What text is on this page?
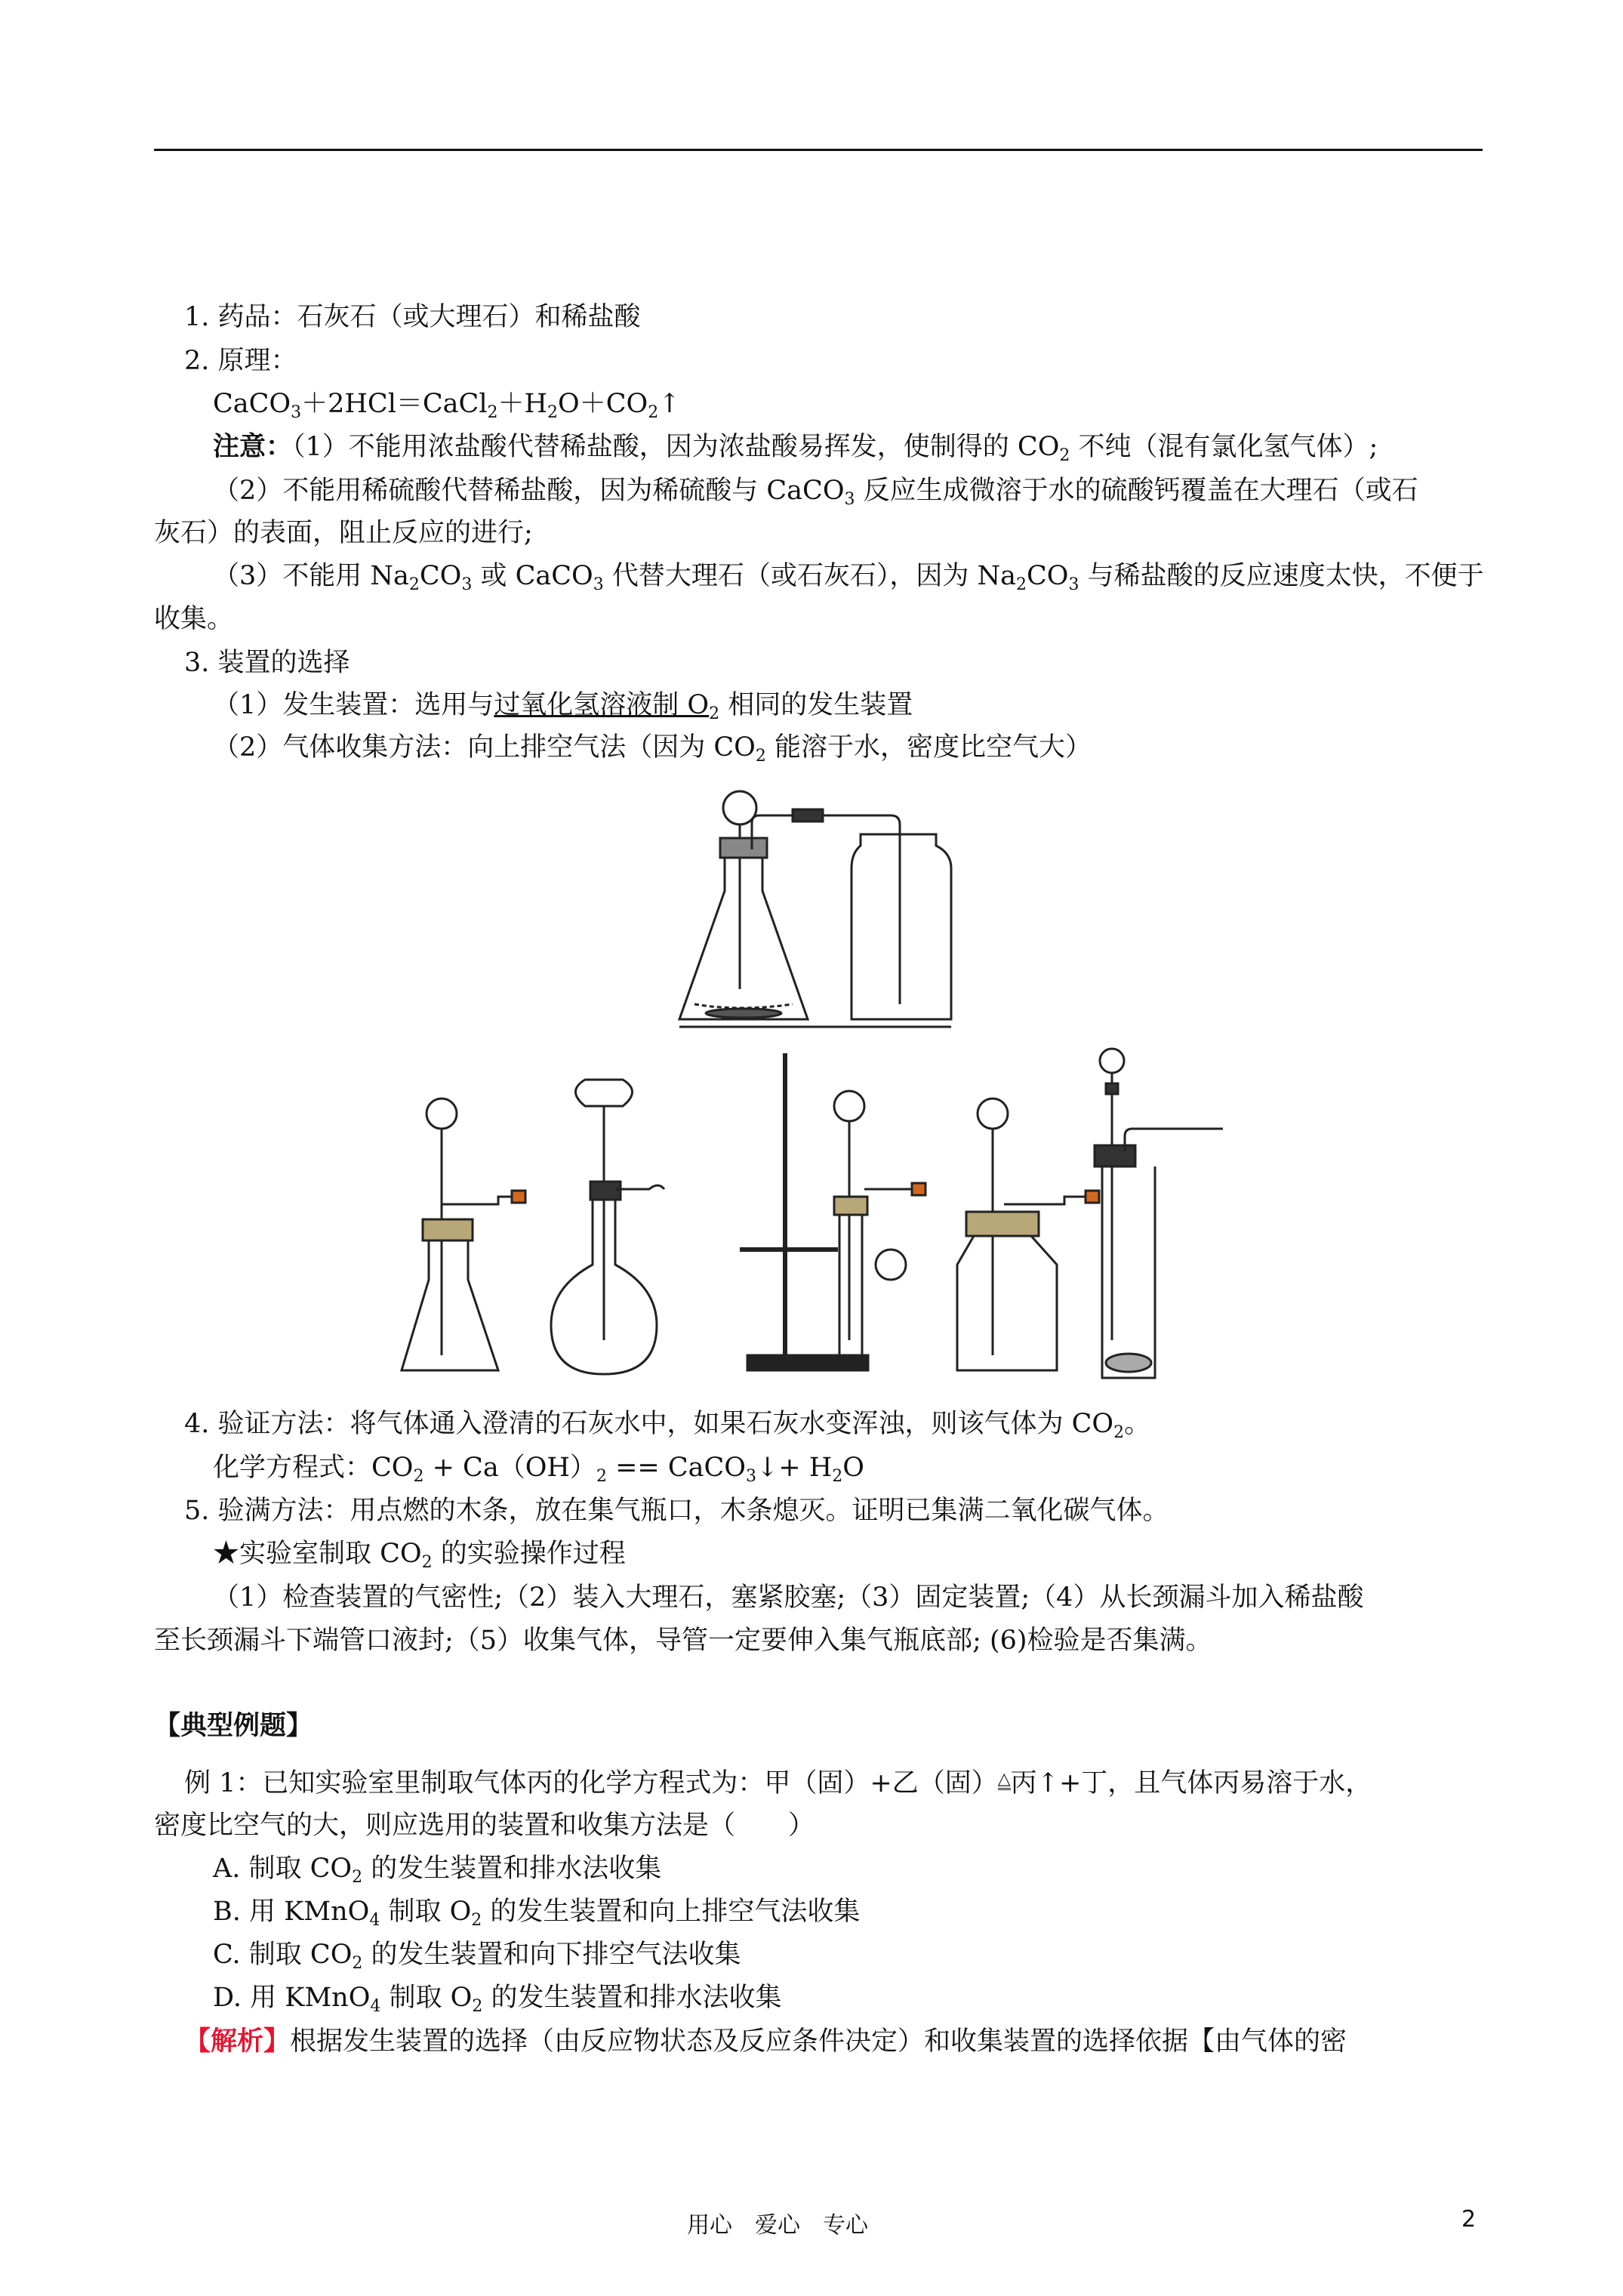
1. 药品：石灰石（或大理石）和稀盐酸
2. 原理：
$CaCO_3+2HCl=CaCl_2+H_2O+CO_2↑$
注意：（1）不能用浓盐酸代替稀盐酸，因为浓盐酸易挥发，使制得的 $CO_2$ 不纯（混有氯化氢气体）;
（2）不能用稀硫酸代替稀盐酸，因为稀硫酸与 CaCO$_3$ 反应生成微溶于水的硫酸钙覆盖在大理石（或石
灰石）的表面，阻止反应的进行;
（3）不能用 $Na_2CO_3$ 或 CaCO$_3$ 代替大理石（或石灰石），因为 $Na_2CO_3$ 与稀盐酸的反应速度太快，不便于
收集。
3. 装置的选择
（1）发生装置：选用与过氧化氢溶液制 $O_2$ 相同的发生装置
（2）气体收集方法：向上排空气法（因为 $CO_2$ 能溶于水，密度比空气大）
4. 验证方法：将气体通入澄清的石灰水中，如果石灰水变浑浊，则该气体为 $CO_2$。
化学方程式：$CO_2 + Ca(OH)_2$ == CaCO$_3$↓+ $H_2O$
5. 验满方法：用点燃的木条，放在集气瓶口，木条熄灭。证明已集满二氧化碳气体。
★实验室制取 $CO_2$ 的实验操作过程
（1）检查装置的气密性;（2）装入大理石，塞紧胶塞;（3）固定装置;（4）从长颈漏斗加入稀盐酸
至长颈漏斗下端管口液封;（5）收集气体，导管一定要伸入集气瓶底部; (6)检验是否集满。
【典型例题】
例 1：已知实验室里制取气体丙的化学方程式为：甲（固）+乙（固）△丙↑+丁，且气体丙易溶于水，
密度比空气的大，则应选用的装置和收集方法是（　　）
A. 制取 $CO_2$ 的发生装置和排水法收集
B. 用 KMnO$_4$ 制取 $O_2$ 的发生装置和向上排空气法收集
C. 制取 $CO_2$ 的发生装置和向下排空气法收集
D. 用 KMnO$_4$ 制取 $O_2$ 的发生装置和排水法收集
【解析】根据发生装置的选择（由反应物状态及反应条件决定）和收集装置的选择依据【由气体的密
用心　爱心　专心	2
